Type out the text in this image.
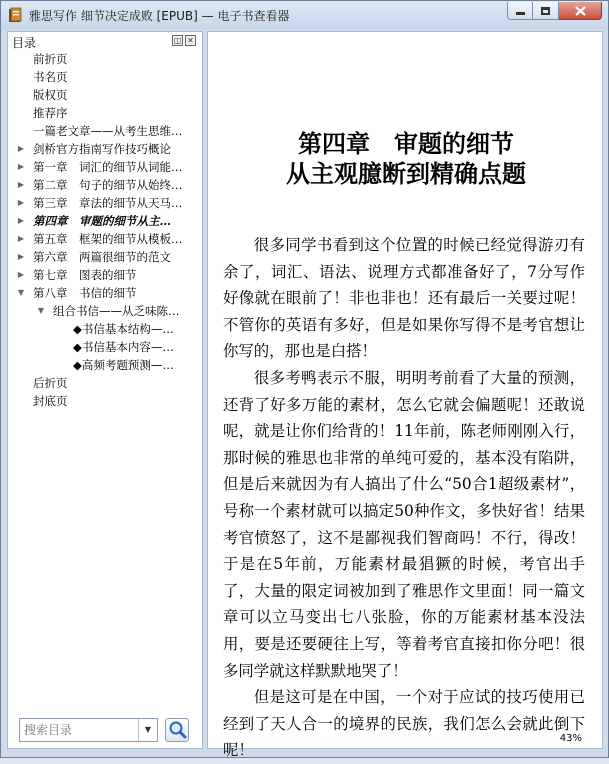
雅思写作 细节决定成败 [EPUB] — 电子书查看器
目录	◫ ✕
前折页
书名页
版权页
推荐序
一篇老文章——从考生思维…
▶ 剑桥官方指南写作技巧概论
▶ 第一章　词汇的细节从词能…
▶ 第二章　句子的细节从始终…
▶ 第三章　章法的细节从天马…
▶ 第四章　审题的细节从主…
▶ 第五章　框架的细节从模板…
▶ 第六章　两篇很细节的范文
▶ 第七章　图表的细节
▼ 第八章　书信的细节
▼ 组合书信——从乏味陈…
◆书信基本结构—…
◆书信基本内容—…
◆高频考题预测—…
后折页
封底页
搜索目录
▼
第四章　审题的细节
从主观臆断到精确点题

很多同学书看到这个位置的时候已经觉得游刃有余了，词汇、语法、说理方式都准备好了，7分写作好像就在眼前了！非也非也！还有最后一关要过呢！不管你的英语有多好，但是如果你写得不是考官想让你写的，那也是白搭！

很多考鸭表示不服，明明考前看了大量的预测，还背了好多万能的素材，怎么它就会偏题呢！还敢说呢，就是让你们给背的！11年前，陈老师刚刚入行，那时候的雅思也非常的单纯可爱的，基本没有陷阱，但是后来就因为有人搞出了什么“50合1超级素材”，号称一个素材就可以搞定50种作文，多快好省！结果考官愤怒了，这不是鄙视我们智商吗！不行，得改！于是在5年前，万能素材最猖獗的时候，考官出手了，大量的限定词被加到了雅思作文里面！同一篇文章可以立马变出七八张脸，你的万能素材基本没法用，要是还要硬往上写，等着考官直接扣你分吧！很多同学就这样默默地哭了！

但是这可是在中国，一个对于应试的技巧使用已经到了天人合一的境界的民族，我们怎么会就此倒下呢！

43%
